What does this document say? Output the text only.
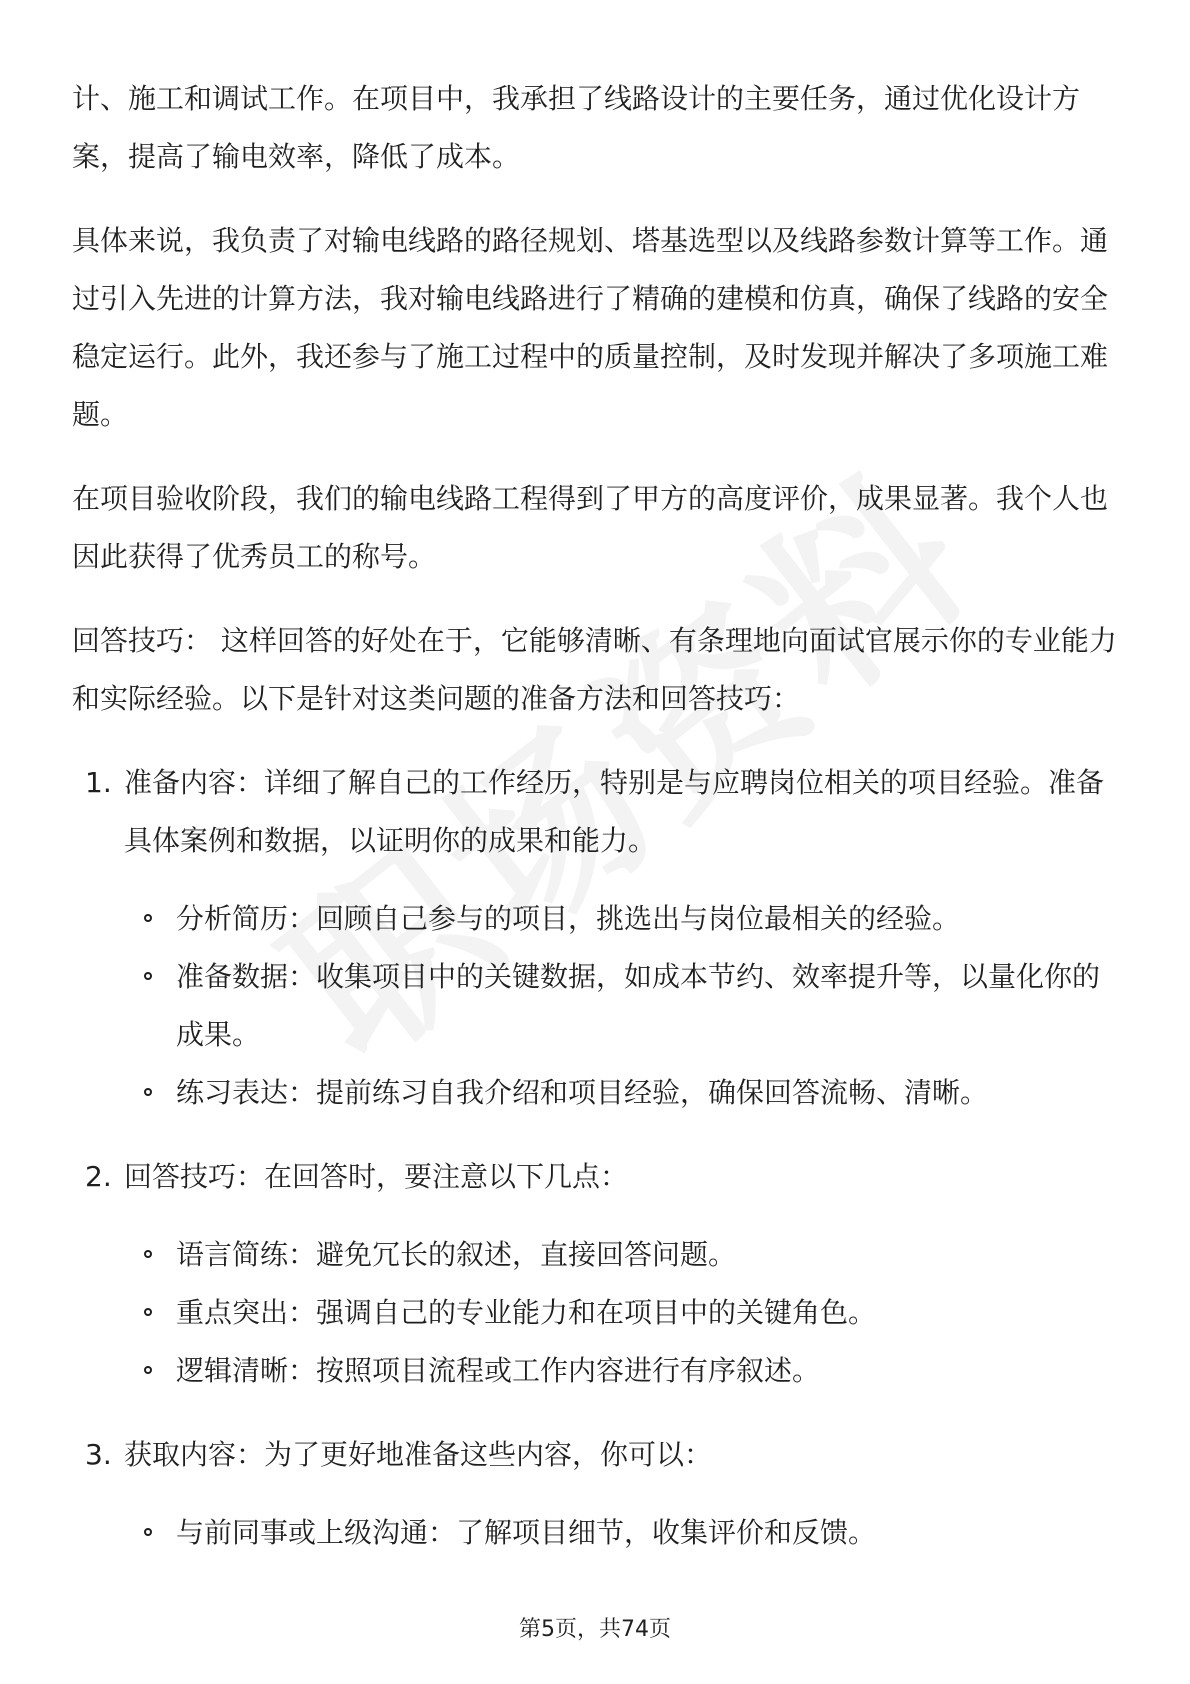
计、施工和调试工作。在项目中，我承担了线路设计的主要任务，通过优化设计方案，提高了输电效率，降低了成本。

具体来说，我负责了对输电线路的路径规划、塔基选型以及线路参数计算等工作。通过引入先进的计算方法，我对输电线路进行了精确的建模和仿真，确保了线路的安全稳定运行。此外，我还参与了施工过程中的质量控制，及时发现并解决了多项施工难题。

在项目验收阶段，我们的输电线路工程得到了甲方的高度评价，成果显著。我个人也因此获得了优秀员工的称号。

回答技巧： 这样回答的好处在于，它能够清晰、有条理地向面试官展示你的专业能力和实际经验。以下是针对这类问题的准备方法和回答技巧：

1. 准备内容：详细了解自己的工作经历，特别是与应聘岗位相关的项目经验。准备具体案例和数据，以证明你的成果和能力。
分析简历：回顾自己参与的项目，挑选出与岗位最相关的经验。
准备数据：收集项目中的关键数据，如成本节约、效率提升等，以量化你的成果。
练习表达：提前练习自我介绍和项目经验，确保回答流畅、清晰。
2. 回答技巧：在回答时，要注意以下几点：
语言简练：避免冗长的叙述，直接回答问题。
重点突出：强调自己的专业能力和在项目中的关键角色。
逻辑清晰：按照项目流程或工作内容进行有序叙述。
3. 获取内容：为了更好地准备这些内容，你可以：
与前同事或上级沟通：了解项目细节，收集评价和反馈。
第5页，共74页
